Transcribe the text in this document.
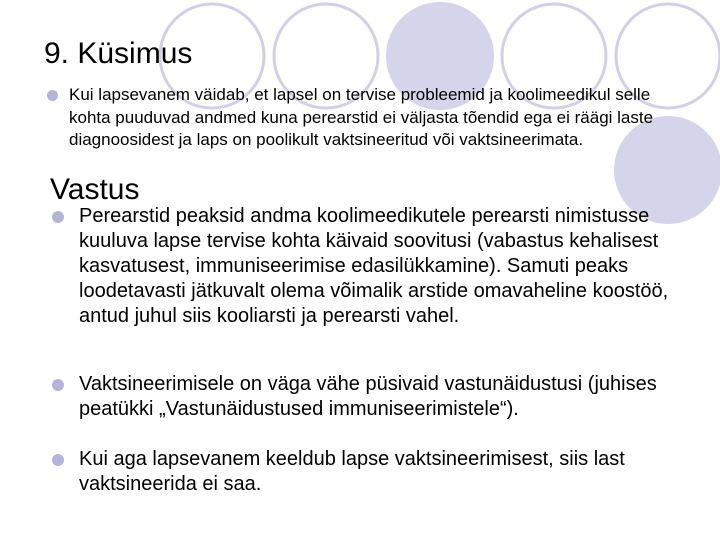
9. Küsimus
Kui lapsevanem väidab, et lapsel on tervise probleemid ja koolimeedikul selle kohta puuduvad andmed kuna perearstid ei väljasta tõendid ega ei räägi laste diagnoosidest ja laps on poolikult vaktsineeritud või vaktsineerimata.
Vastus
Perearstid peaksid andma koolimeedikutele perearsti nimistusse kuuluva lapse tervise kohta käivaid soovitusi (vabastus kehalisest kasvatusest, immuniseerimise edasilükkamine). Samuti peaks loodetavasti jätkuvalt olema võimalik arstide omavaheline koostöö, antud juhul siis kooliarsti ja perearsti vahel.
Vaktsineerimisele on väga vähe püsivaid vastunäidustusi (juhises peatükki „Vastunäidustused immuniseerimistele“).
Kui aga lapsevanem keeldub lapse vaktsineerimisest, siis last vaktsineerida ei saa.
